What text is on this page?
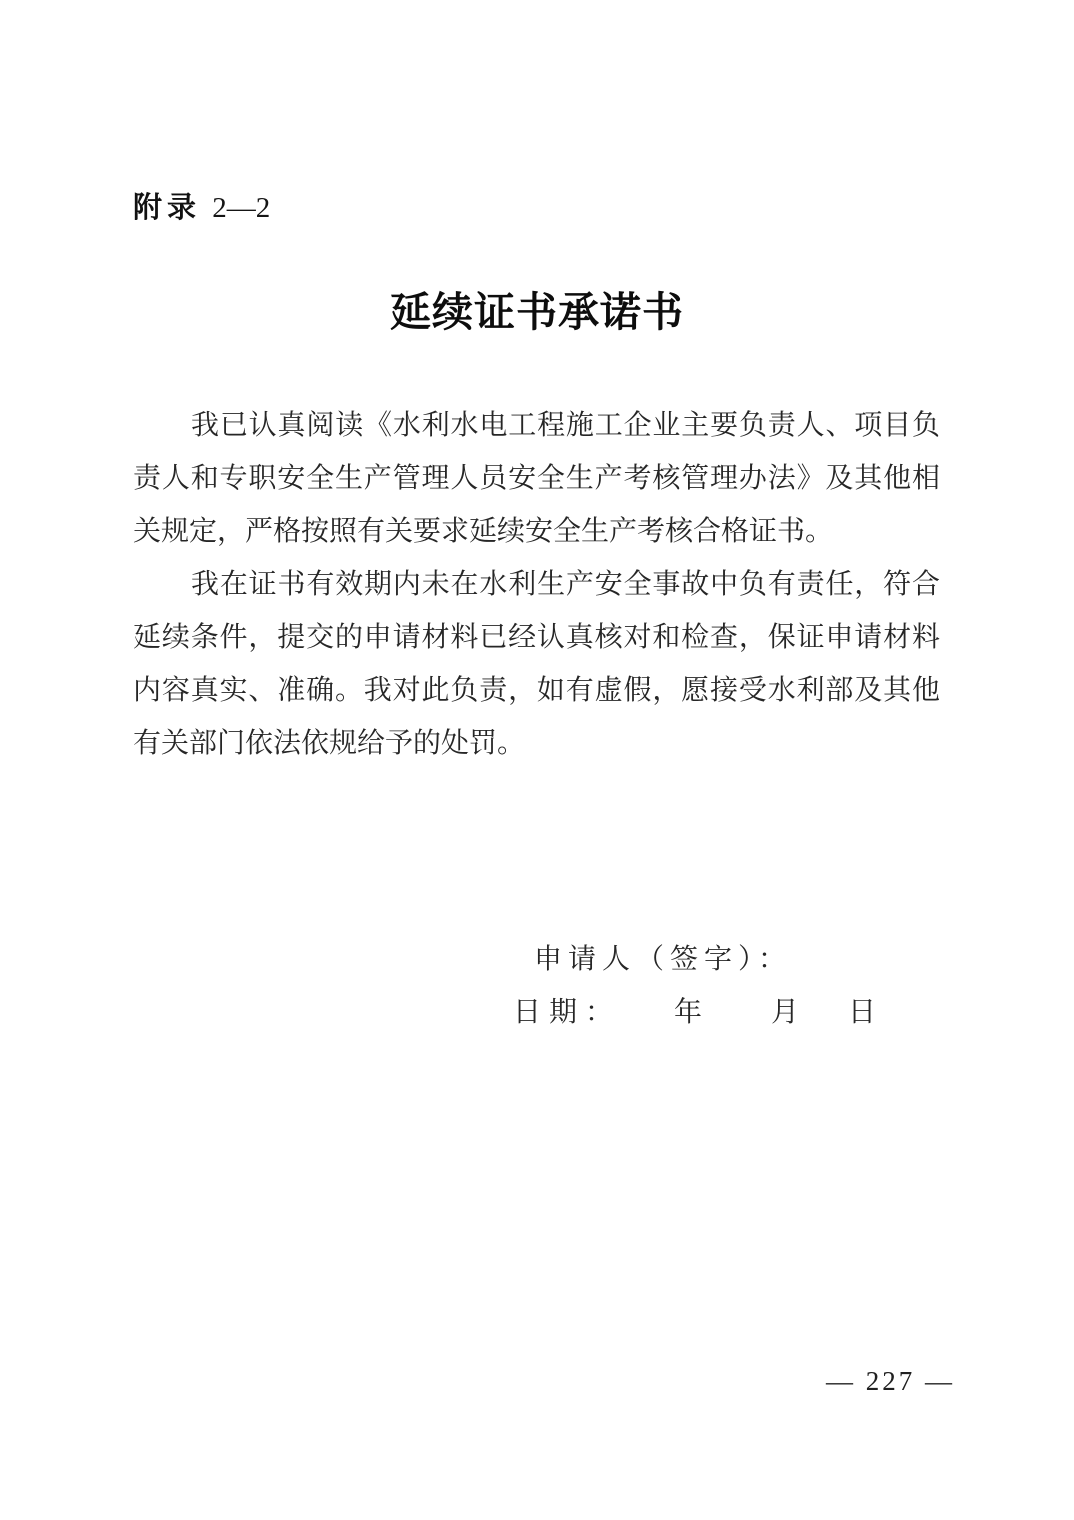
附录 2—2
延续证书承诺书
我已认真阅读《水利水电工程施工企业主要负责人、项目负
责人和专职安全生产管理人员安全生产考核管理办法》及其他相
关规定，严格按照有关要求延续安全生产考核合格证书。
我在证书有效期内未在水利生产安全事故中负有责任，符合
延续条件，提交的申请材料已经认真核对和检查，保证申请材料
内容真实、准确。我对此负责，如有虚假，愿接受水利部及其他
有关部门依法依规给予的处罚。
申请人（签字）：
日期： 年 月 日
— 227 —
